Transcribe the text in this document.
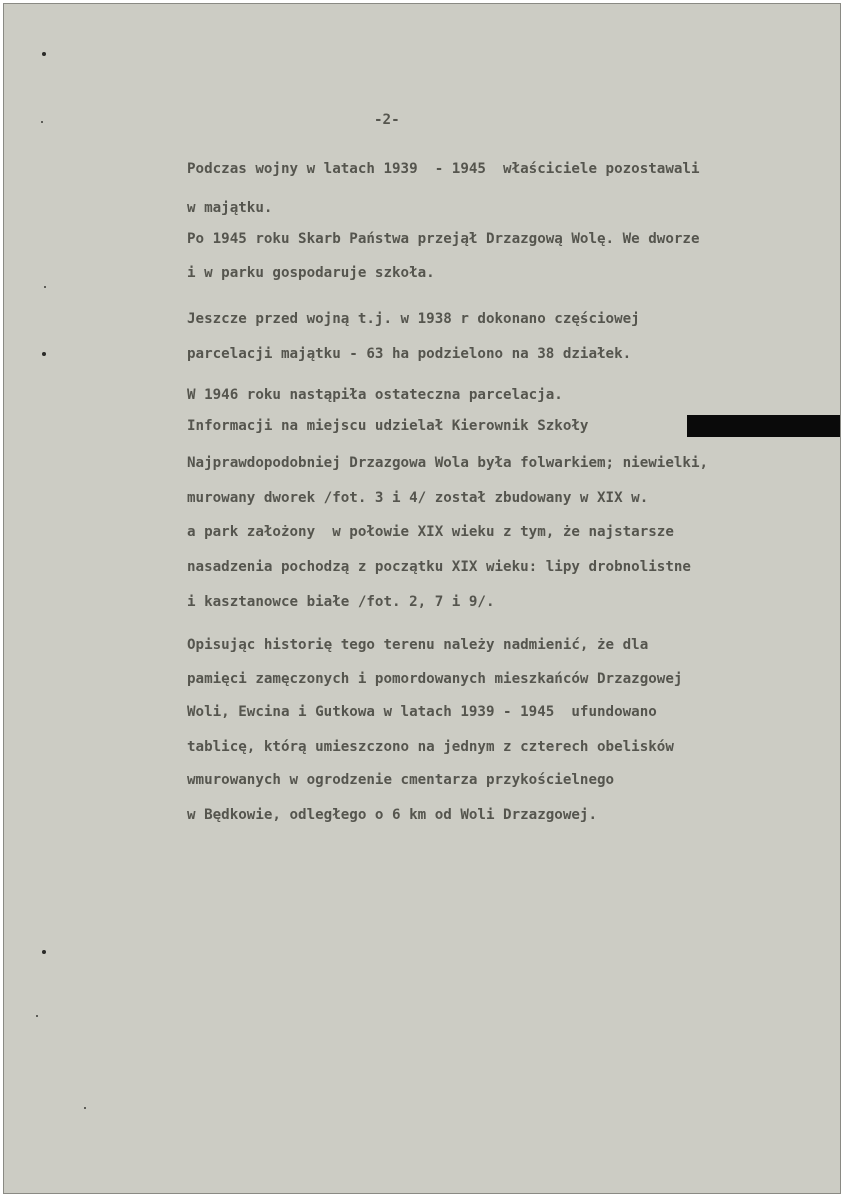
-2-
Podczas wojny w latach 1939  - 1945  właściciele pozostawali
w majątku.
Po 1945 roku Skarb Państwa przejął Drzazgową Wolę. We dworze
i w parku gospodaruje szkoła.
Jeszcze przed wojną t.j. w 1938 r dokonano częściowej
parcelacji majątku - 63 ha podzielono na 38 działek.
W 1946 roku nastąpiła ostateczna parcelacja.
Informacji na miejscu udzielał Kierownik Szkoły
Najprawdopodobniej Drzazgowa Wola była folwarkiem; niewielki,
murowany dworek /fot. 3 i 4/ został zbudowany w XIX w.
a park założony  w połowie XIX wieku z tym, że najstarsze
nasadzenia pochodzą z początku XIX wieku: lipy drobnolistne
i kasztanowce białe /fot. 2, 7 i 9/.
Opisując historię tego terenu należy nadmienić, że dla
pamięci zamęczonych i pomordowanych mieszkańców Drzazgowej
Woli, Ewcina i Gutkowa w latach 1939 - 1945  ufundowano
tablicę, którą umieszczono na jednym z czterech obelisków
wmurowanych w ogrodzenie cmentarza przykościelnego
w Będkowie, odległego o 6 km od Woli Drzazgowej.
